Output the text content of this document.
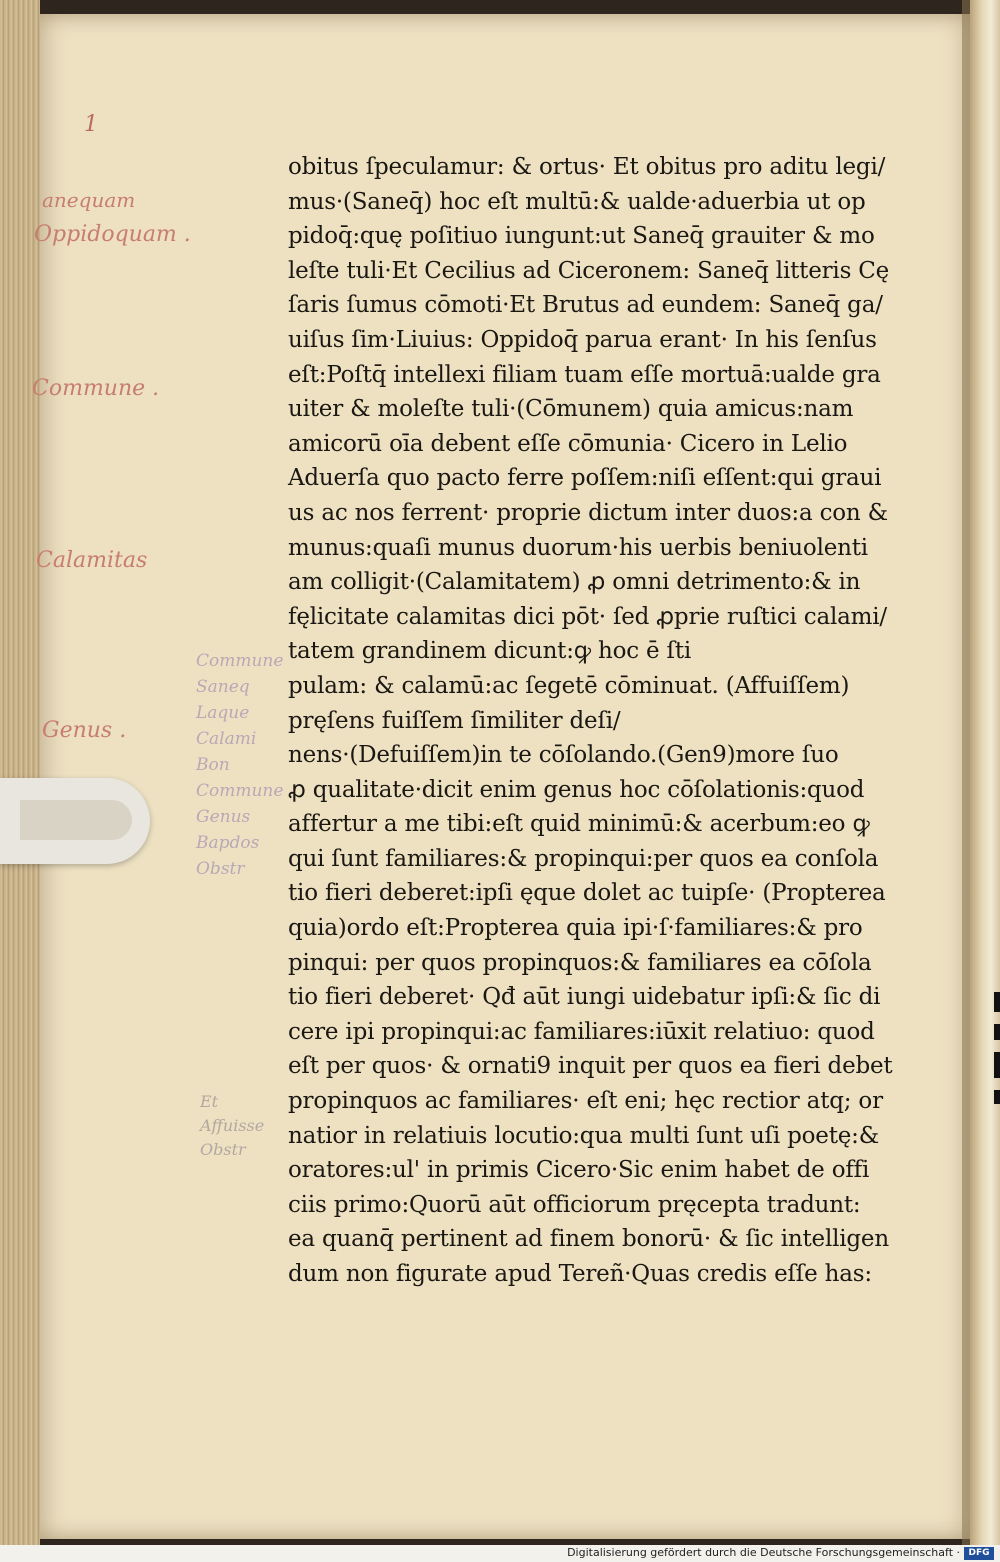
1
anequam
Oppidoquam .
Commune .
Calamitas
Genus .
Commune
Saneq
Laque
Calami
Bon
Commune
Genus
Bapdos
Obstr
Et
Affuisse
Obstr
obitus ſpeculamur: & ortus· Et obitus pro aditu legi/
mus·(Saneq̄) hoc eſt multū:& ualde·aduerbia ut op
pidoq̄:quę poſitiuo iungunt:ut Saneq̄ grauiter & mo
leſte tuli·Et Cecilius ad Ciceronem: Saneq̄ litteris Cę
ſaris ſumus cōmoti·Et Brutus ad eundem: Saneq̄ ga/
uiſus ſim·Liuius: Oppidoq̄ parua erant· In his ſenſus
eſt:Poſtq̄ intellexi filiam tuam eſſe mortuā:ualde gra
uiter & moleſte tuli·(Cōmunem) quia amicus:nam
amicorū oīa debent eſſe cōmunia· Cicero in Lelio
Aduerſa quo pacto ferre poſſem:niſi eſſent:qui graui
us ac nos ferrent· proprie dictum inter duos:a con &
munus:quaſi munus duorum·his uerbis beniuolenti
am colligit·(Calamitatem) ꝓ omni detrimento:& in
fęlicitate calamitas dici pōt· ſed ꝓprie ruſtici calami/
tatem grandinem dicunt:ꝙ hoc ē ſti
pulam: & calamū:ac ſegetē cōminuat. (Affuiſſem)
pręſens fuiſſem ſimiliter deſi/
nens·(Defuiſſem)in te cōſolando.(Gen9)more ſuo
ꝓ qualitate·dicit enim genus hoc cōſolationis:quod
affertur a me tibi:eſt quid minimū:& acerbum:eo ꝙ
qui ſunt familiares:& propinqui:per quos ea conſola
tio fieri deberet:ipſi ęque dolet ac tuipſe· (Propterea
quia)ordo eſt:Propterea quia ipi·ſ·familiares:& pro
pinqui: per quos propinquos:& familiares ea cōſola
tio fieri deberet· Qđ aūt iungi uidebatur ipſi:& ſic di
cere ipi propinqui:ac familiares:iūxit relatiuo: quod
eſt per quos· & ornati9 inquit per quos ea fieri debet
propinquos ac familiares· eſt eni; hęc rectior atq; or
natior in relatiuis locutio:qua multi ſunt uſi poetę:&
oratores:ul' in primis Cicero·Sic enim habet de offi
ciis primo:Quorū aūt officiorum pręcepta tradunt:
ea quanq̄ pertinent ad finem bonorū· & ſic intelligen
dum non figurate apud Tereñ·Quas credis eſſe has:
Digitalisierung gefördert durch die Deutsche Forschungsgemeinschaft · DFG
